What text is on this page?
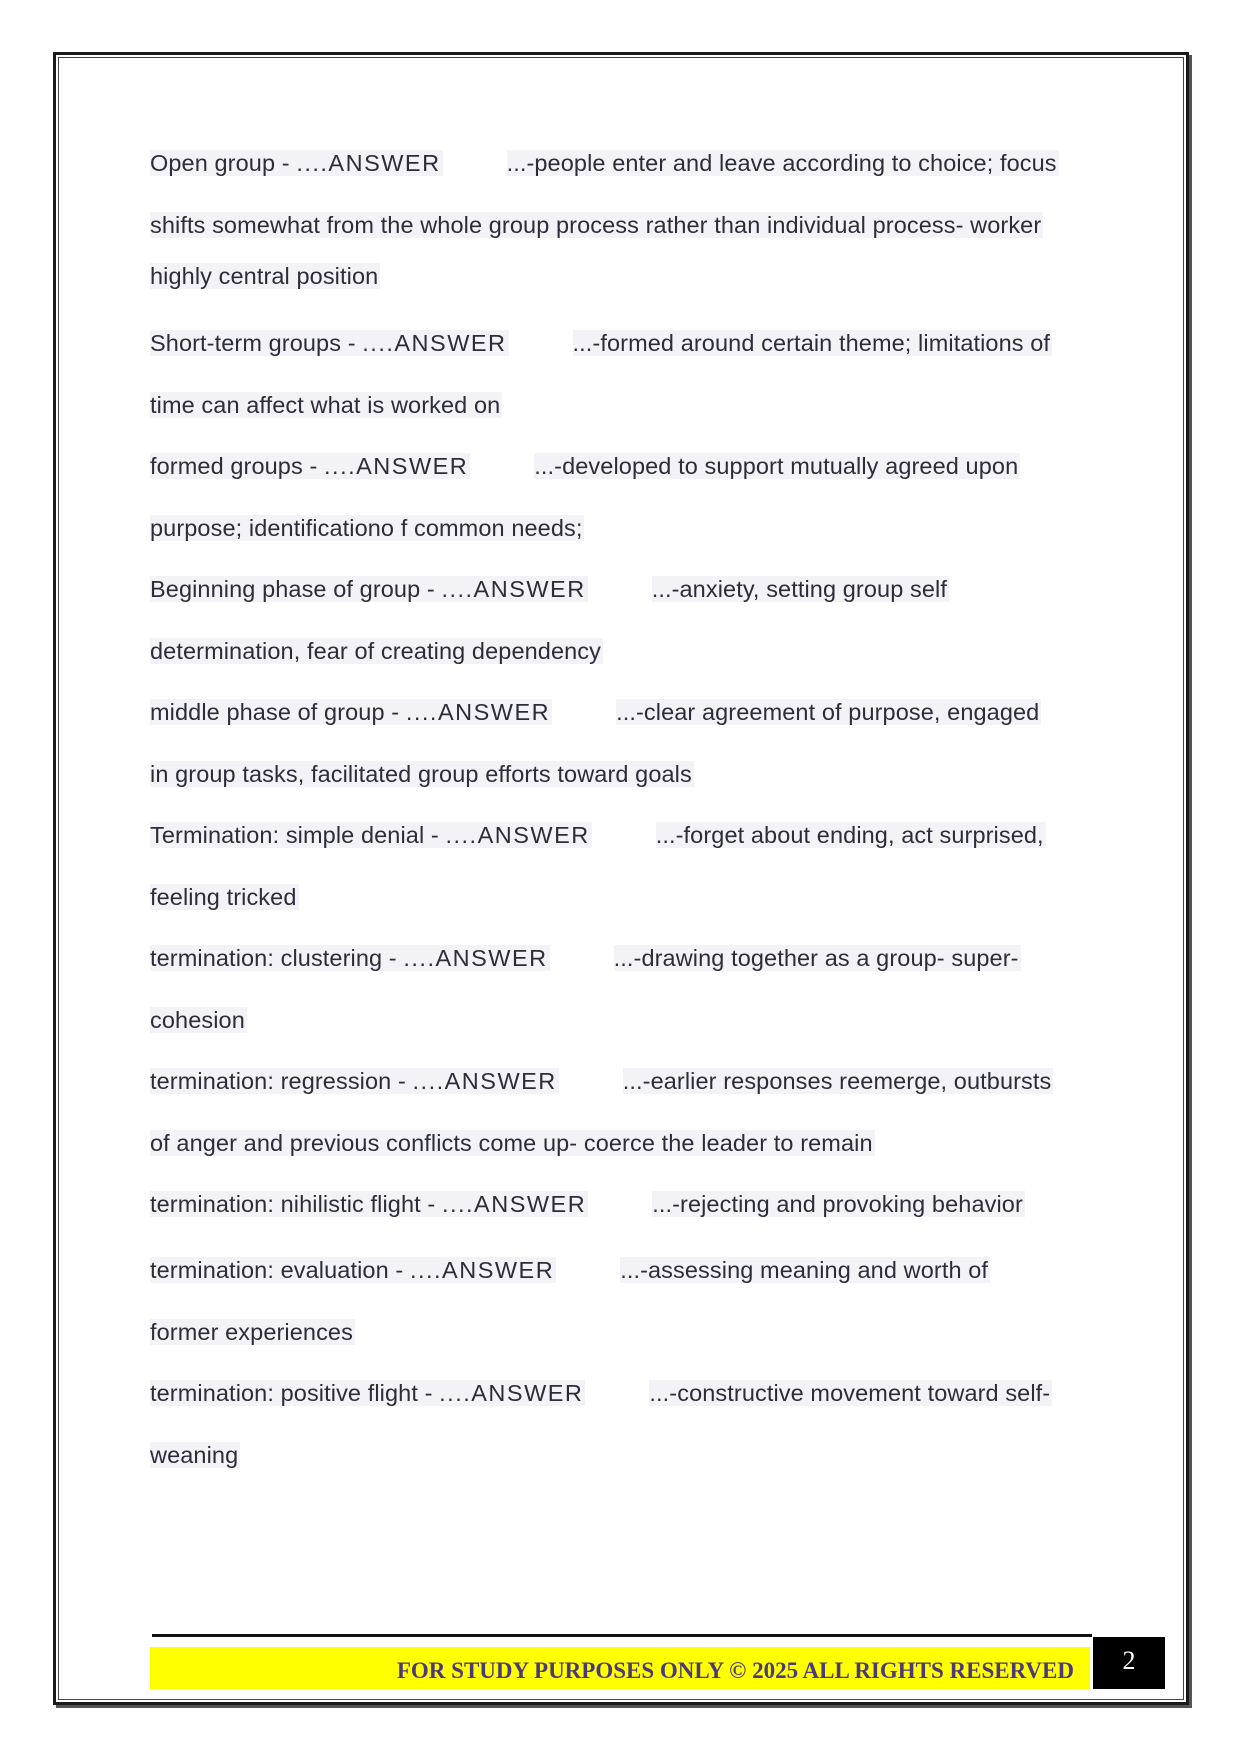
Open group - ....ANSWER	...-people enter and leave according to choice; focus
shifts somewhat from the whole group process rather than individual process- worker
highly central position
Short-term groups - ....ANSWER	...-formed around certain theme; limitations of
time can affect what is worked on
formed groups - ....ANSWER	...-developed to support mutually agreed upon
purpose; identificationo f common needs;
Beginning phase of group - ....ANSWER	...-anxiety, setting group self
determination, fear of creating dependency
middle phase of group - ....ANSWER	...-clear agreement of purpose, engaged
in group tasks, facilitated group efforts toward goals
Termination: simple denial - ....ANSWER	...-forget about ending, act surprised,
feeling tricked
termination: clustering - ....ANSWER	...-drawing together as a group- super-
cohesion
termination: regression - ....ANSWER	...-earlier responses reemerge, outbursts
of anger and previous conflicts come up- coerce the leader to remain
termination: nihilistic flight - ....ANSWER	...-rejecting and provoking behavior
termination: evaluation - ....ANSWER	...-assessing meaning and worth of
former experiences
termination: positive flight - ....ANSWER	...-constructive movement toward self-
weaning
FOR STUDY PURPOSES ONLY © 2025 ALL RIGHTS RESERVED	2
